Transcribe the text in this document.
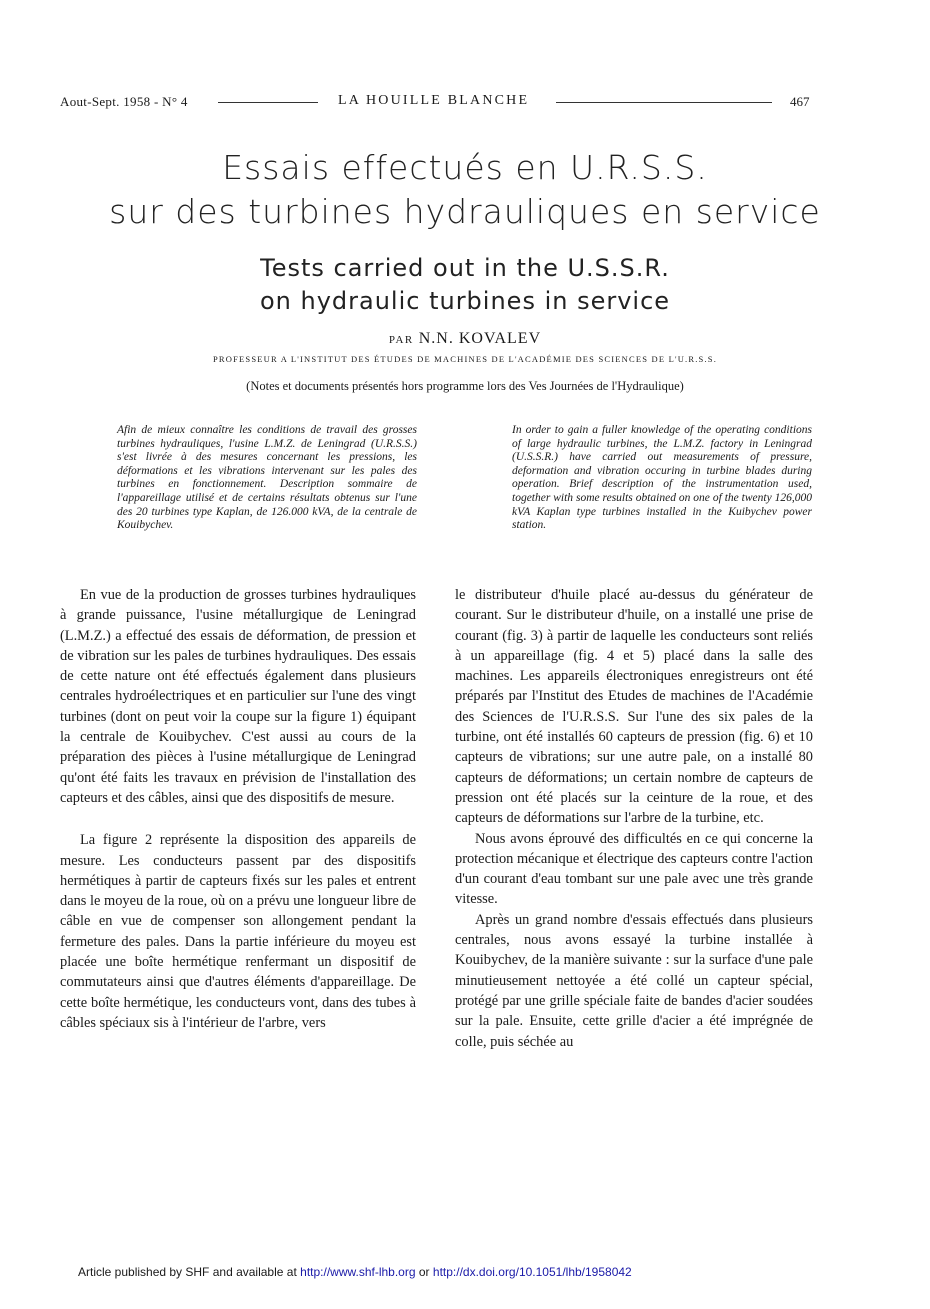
Aout-Sept. 1958 - N° 4	LA HOUILLE BLANCHE	467
Essais effectués en U.R.S.S.
sur des turbines hydrauliques en service
Tests carried out in the U.S.S.R.
on hydraulic turbines in service
PAR N.N. KOVALEV
PROFESSEUR A L'INSTITUT DES ÉTUDES DE MACHINES DE L'ACADÉMIE DES SCIENCES DE L'U.R.S.S.
(Notes et documents présentés hors programme lors des Ves Journées de l'Hydraulique)
Afin de mieux connaître les conditions de travail des grosses turbines hydrauliques, l'usine L.M.Z. de Leningrad (U.R.S.S.) s'est livrée à des mesures concernant les pressions, les déformations et les vibrations intervenant sur les pales des turbines en fonctionnement. Description sommaire de l'appareillage utilisé et de certains résultats obtenus sur l'une des 20 turbines type Kaplan, de 126.000 kVA, de la centrale de Kouibychev.
In order to gain a fuller knowledge of the operating conditions of large hydraulic turbines, the L.M.Z. factory in Leningrad (U.S.S.R.) have carried out measurements of pressure, deformation and vibration occuring in turbine blades during operation. Brief description of the instrumentation used, together with some results obtained on one of the twenty 126,000 kVA Kaplan type turbines installed in the Kuibychev power station.

En vue de la production de grosses turbines hydrauliques à grande puissance, l'usine métallurgique de Leningrad (L.M.Z.) a effectué des essais de déformation, de pression et de vibration sur les pales de turbines hydrauliques. Des essais de cette nature ont été effectués également dans plusieurs centrales hydroélectriques et en particulier sur l'une des vingt turbines (dont on peut voir la coupe sur la figure 1) équipant la centrale de Kouibychev. C'est aussi au cours de la préparation des pièces à l'usine métallurgique de Leningrad qu'ont été faits les travaux en prévision de l'installation des capteurs et des câbles, ainsi que des dispositifs de mesure.

La figure 2 représente la disposition des appareils de mesure. Les conducteurs passent par des dispositifs hermétiques à partir de capteurs fixés sur les pales et entrent dans le moyeu de la roue, où on a prévu une longueur libre de câble en vue de compenser son allongement pendant la fermeture des pales. Dans la partie inférieure du moyeu est placée une boîte hermétique renfermant un dispositif de commutateurs ainsi que d'autres éléments d'appareillage. De cette boîte hermétique, les conducteurs vont, dans des tubes à câbles spéciaux sis à l'intérieur de l'arbre, vers

le distributeur d'huile placé au-dessus du générateur de courant. Sur le distributeur d'huile, on a installé une prise de courant (fig. 3) à partir de laquelle les conducteurs sont reliés à un appareillage (fig. 4 et 5) placé dans la salle des machines. Les appareils électroniques enregistreurs ont été préparés par l'Institut des Etudes de machines de l'Académie des Sciences de l'U.R.S.S. Sur l'une des six pales de la turbine, ont été installés 60 capteurs de pression (fig. 6) et 10 capteurs de vibrations; sur une autre pale, on a installé 80 capteurs de déformations; un certain nombre de capteurs de pression ont été placés sur la ceinture de la roue, et des capteurs de déformations sur l'arbre de la turbine, etc.

Nous avons éprouvé des difficultés en ce qui concerne la protection mécanique et électrique des capteurs contre l'action d'un courant d'eau tombant sur une pale avec une très grande vitesse.

Après un grand nombre d'essais effectués dans plusieurs centrales, nous avons essayé la turbine installée à Kouibychev, de la manière suivante : sur la surface d'une pale minutieusement nettoyée a été collé un capteur spécial, protégé par une grille spéciale faite de bandes d'acier soudées sur la pale. Ensuite, cette grille d'acier a été imprégnée de colle, puis séchée au

Article published by SHF and available at http://www.shf-lhb.org or http://dx.doi.org/10.1051/lhb/1958042
